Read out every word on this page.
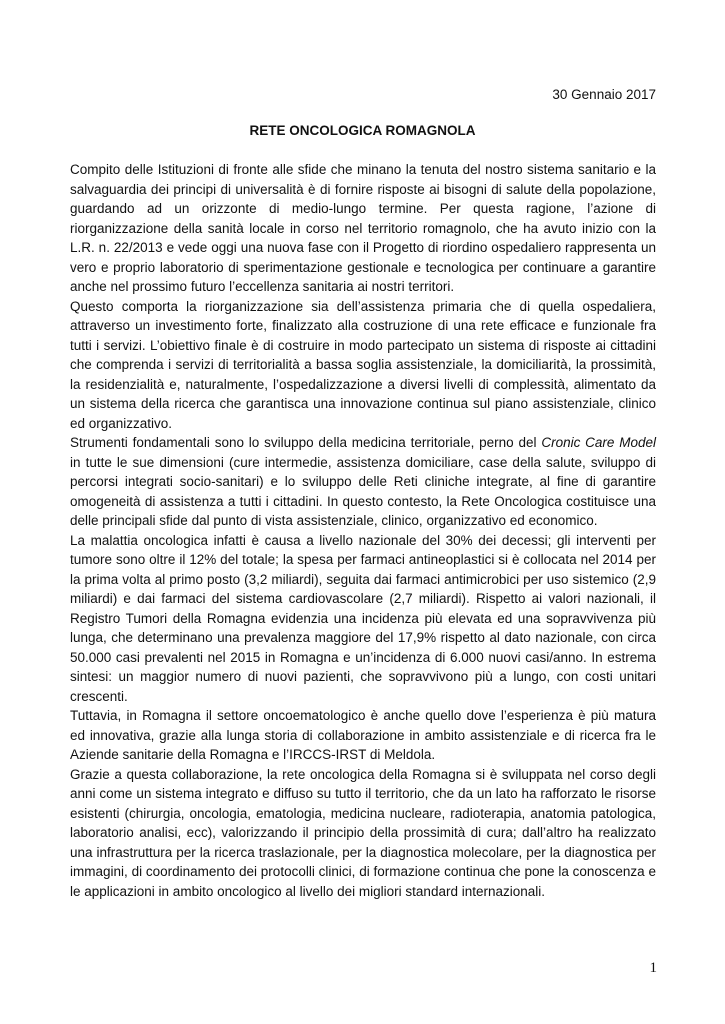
30 Gennaio 2017
RETE ONCOLOGICA ROMAGNOLA

Compito delle Istituzioni di fronte alle sfide che minano la tenuta del nostro sistema sanitario e la salvaguardia dei principi di universalità è di fornire risposte ai bisogni di salute della popolazione, guardando ad un orizzonte di medio-lungo termine. Per questa ragione, l’azione di riorganizzazione della sanità locale in corso nel territorio romagnolo, che ha avuto inizio con la L.R. n. 22/2013 e vede oggi una nuova fase con il Progetto di riordino ospedaliero rappresenta un vero e proprio laboratorio di sperimentazione gestionale e tecnologica per continuare a garantire anche nel prossimo futuro l’eccellenza sanitaria ai nostri territori.

Questo comporta la riorganizzazione sia dell’assistenza primaria che di quella ospedaliera, attraverso un investimento forte, finalizzato alla costruzione di una rete efficace e funzionale fra tutti i servizi. L’obiettivo finale è di costruire in modo partecipato un sistema di risposte ai cittadini che comprenda i servizi di territorialità a bassa soglia assistenziale, la domiciliarità, la prossimità, la residenzialità e, naturalmente, l’ospedalizzazione a diversi livelli di complessità, alimentato da un sistema della ricerca che garantisca una innovazione continua sul piano assistenziale, clinico ed organizzativo.

Strumenti fondamentali sono lo sviluppo della medicina territoriale, perno del Cronic Care Model in tutte le sue dimensioni (cure intermedie, assistenza domiciliare, case della salute, sviluppo di percorsi integrati socio-sanitari) e lo sviluppo delle Reti cliniche integrate, al fine di garantire omogeneità di assistenza a tutti i cittadini. In questo contesto, la Rete Oncologica costituisce una delle principali sfide dal punto di vista assistenziale, clinico, organizzativo ed economico.

La malattia oncologica infatti è causa a livello nazionale del 30% dei decessi; gli interventi per tumore sono oltre il 12% del totale; la spesa per farmaci antineoplastici si è collocata nel 2014 per la prima volta al primo posto (3,2 miliardi), seguita dai farmaci antimicrobici per uso sistemico (2,9 miliardi) e dai farmaci del sistema cardiovascolare (2,7 miliardi). Rispetto ai valori nazionali, il Registro Tumori della Romagna evidenzia una incidenza più elevata ed una sopravvivenza più lunga, che determinano una prevalenza maggiore del 17,9% rispetto al dato nazionale, con circa 50.000 casi prevalenti nel 2015 in Romagna e un’incidenza di 6.000 nuovi casi/anno. In estrema sintesi: un maggior numero di nuovi pazienti, che sopravvivono più a lungo, con costi unitari crescenti.

Tuttavia, in Romagna il settore oncoematologico è anche quello dove l’esperienza è più matura ed innovativa, grazie alla lunga storia di collaborazione in ambito assistenziale e di ricerca fra le Aziende sanitarie della Romagna e l’IRCCS-IRST di Meldola.

Grazie a questa collaborazione, la rete oncologica della Romagna si è sviluppata nel corso degli anni come un sistema integrato e diffuso su tutto il territorio, che da un lato ha rafforzato le risorse esistenti (chirurgia, oncologia, ematologia, medicina nucleare, radioterapia, anatomia patologica, laboratorio analisi, ecc), valorizzando il principio della prossimità di cura; dall’altro ha realizzato una infrastruttura per la ricerca traslazionale, per la diagnostica molecolare, per la diagnostica per immagini, di coordinamento dei protocolli clinici, di formazione continua che pone la conoscenza e le applicazioni in ambito oncologico al livello dei migliori standard internazionali.

1
